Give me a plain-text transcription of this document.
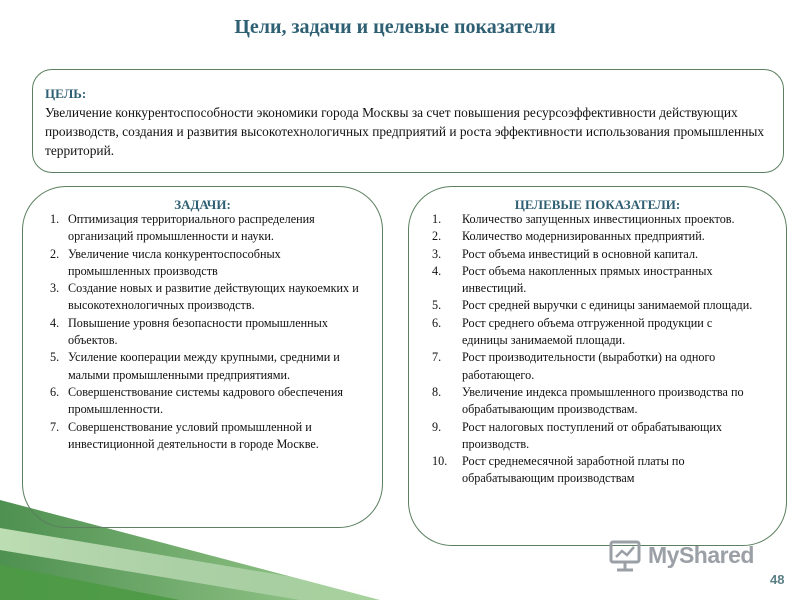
Цели, задачи и целевые показатели
ЦЕЛЬ:
Увеличение конкурентоспособности экономики города Москвы за счет повышения ресурсоэффективности действующих производств, создания и развития высокотехнологичных предприятий и роста эффективности использования промышленных территорий.
ЗАДАЧИ:
1. Оптимизация территориального распределения организаций промышленности и науки.
2. Увеличение числа конкурентоспособных промышленных производств
3. Создание новых и развитие действующих наукоемких и высокотехнологичных производств.
4. Повышение уровня безопасности промышленных объектов.
5. Усиление кооперации между крупными, средними и малыми промышленными предприятиями.
6. Совершенствование системы кадрового обеспечения промышленности.
7. Совершенствование условий промышленной и инвестиционной деятельности в городе Москве.
ЦЕЛЕВЫЕ ПОКАЗАТЕЛИ:
1. Количество запущенных инвестиционных проектов.
2. Количество модернизированных предприятий.
3. Рост объема инвестиций в основной капитал.
4. Рост объема накопленных прямых иностранных инвестиций.
5. Рост средней выручки с единицы занимаемой площади.
6. Рост среднего объема отгруженной продукции с единицы занимаемой площади.
7. Рост производительности (выработки) на одного работающего.
8. Увеличение индекса промышленного производства по обрабатывающим производствам.
9. Рост налоговых поступлений от обрабатывающих производств.
10. Рост среднемесячной заработной платы по обрабатывающим производствам
MyShared
48
